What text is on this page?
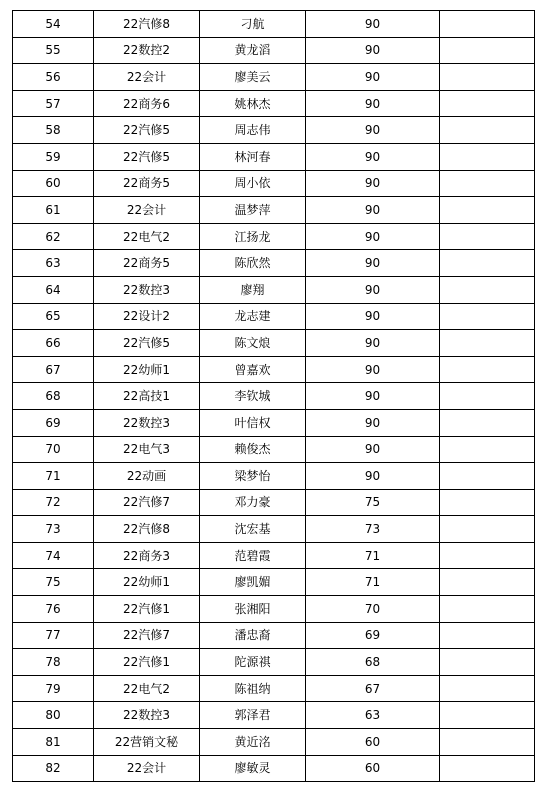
54	22汽修8	刁航	90	
55	22数控2	黄龙滔	90	
56	22会计	廖美云	90	
57	22商务6	姚林杰	90	
58	22汽修5	周志伟	90	
59	22汽修5	林河春	90	
60	22商务5	周小依	90	
61	22会计	温梦萍	90	
62	22电气2	江扬龙	90	
63	22商务5	陈欣然	90	
64	22数控3	廖翔	90	
65	22设计2	龙志建	90	
66	22汽修5	陈文烺	90	
67	22幼师1	曾嘉欢	90	
68	22高技1	李钦城	90	
69	22数控3	叶信权	90	
70	22电气3	赖俊杰	90	
71	22动画	梁梦怡	90	
72	22汽修7	邓力豪	75	
73	22汽修8	沈宏基	73	
74	22商务3	范碧霞	71	
75	22幼师1	廖凯媚	71	
76	22汽修1	张湘阳	70	
77	22汽修7	潘忠裔	69	
78	22汽修1	陀源祺	68	
79	22电气2	陈祖纳	67	
80	22数控3	郭泽君	63	
81	22营销文秘	黄近洺	60	
82	22会计	廖敏灵	60	
